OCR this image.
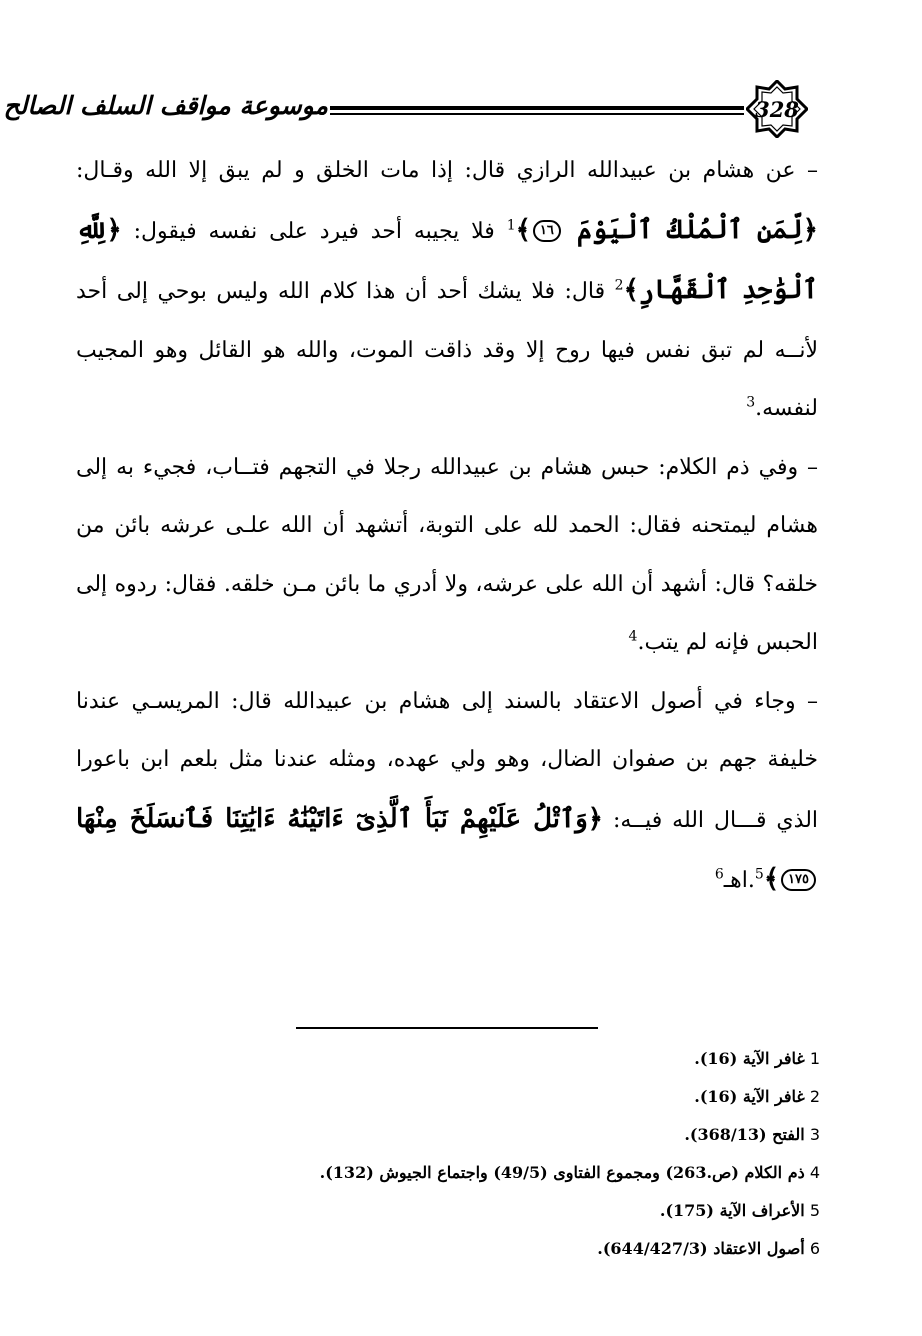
موسوعة مواقف السلف الصالح	328

– عن هشام بن عبيدالله الرازي قال: إذا مات الخلق و لم يبق إلا الله وقـال: ﴿لِّمَنِ ٱلْمُلْكُ ٱلْيَوْمَ ١٦﴾$^1$ فلا يجيبه أحد فيرد على نفسه فيقول: ﴿لِلَّهِ ٱلْوَٰحِدِ ٱلْقَهَّارِ﴾$^2$ قال: فلا يشك أحد أن هذا كلام الله وليس بوحي إلى أحد لأنــه لم تبق نفس فيها روح إلا وقد ذاقت الموت، والله هو القائل وهو المجيب لنفسه.$^3$

– وفي ذم الكلام: حبس هشام بن عبيدالله رجلا في التجهم فتــاب، فجيء به إلى هشام ليمتحنه فقال: الحمد لله على التوبة، أتشهد أن الله علـى عرشه بائن من خلقه؟ قال: أشهد أن الله على عرشه، ولا أدري ما بائن مـن خلقه. فقال: ردوه إلى الحبس فإنه لم يتب.$^4$

– وجاء في أصول الاعتقاد بالسند إلى هشام بن عبيدالله قال: المريسـي عندنا خليفة جهم بن صفوان الضال، وهو ولي عهده، ومثله عندنا مثل بلعم ابن باعورا الذي قـــال الله فيــه: ﴿وَٱتْلُ عَلَيْهِمْ نَبَأَ ٱلَّذِىٓ ءَاتَيْنَٰهُ ءَايَٰتِنَا فَٱنسَلَخَ مِنْهَا ١٧٥﴾$^5$.اهـ$^6$

1 غافر الآية (16).

2 غافر الآية (16).

3 الفتح (368/13).

4 ذم الكلام (ص.263) ومجموع الفتاوى (49/5) واجتماع الجيوش (132).

5 الأعراف الآية (175).

6 أصول الاعتقاد (644/427/3).
